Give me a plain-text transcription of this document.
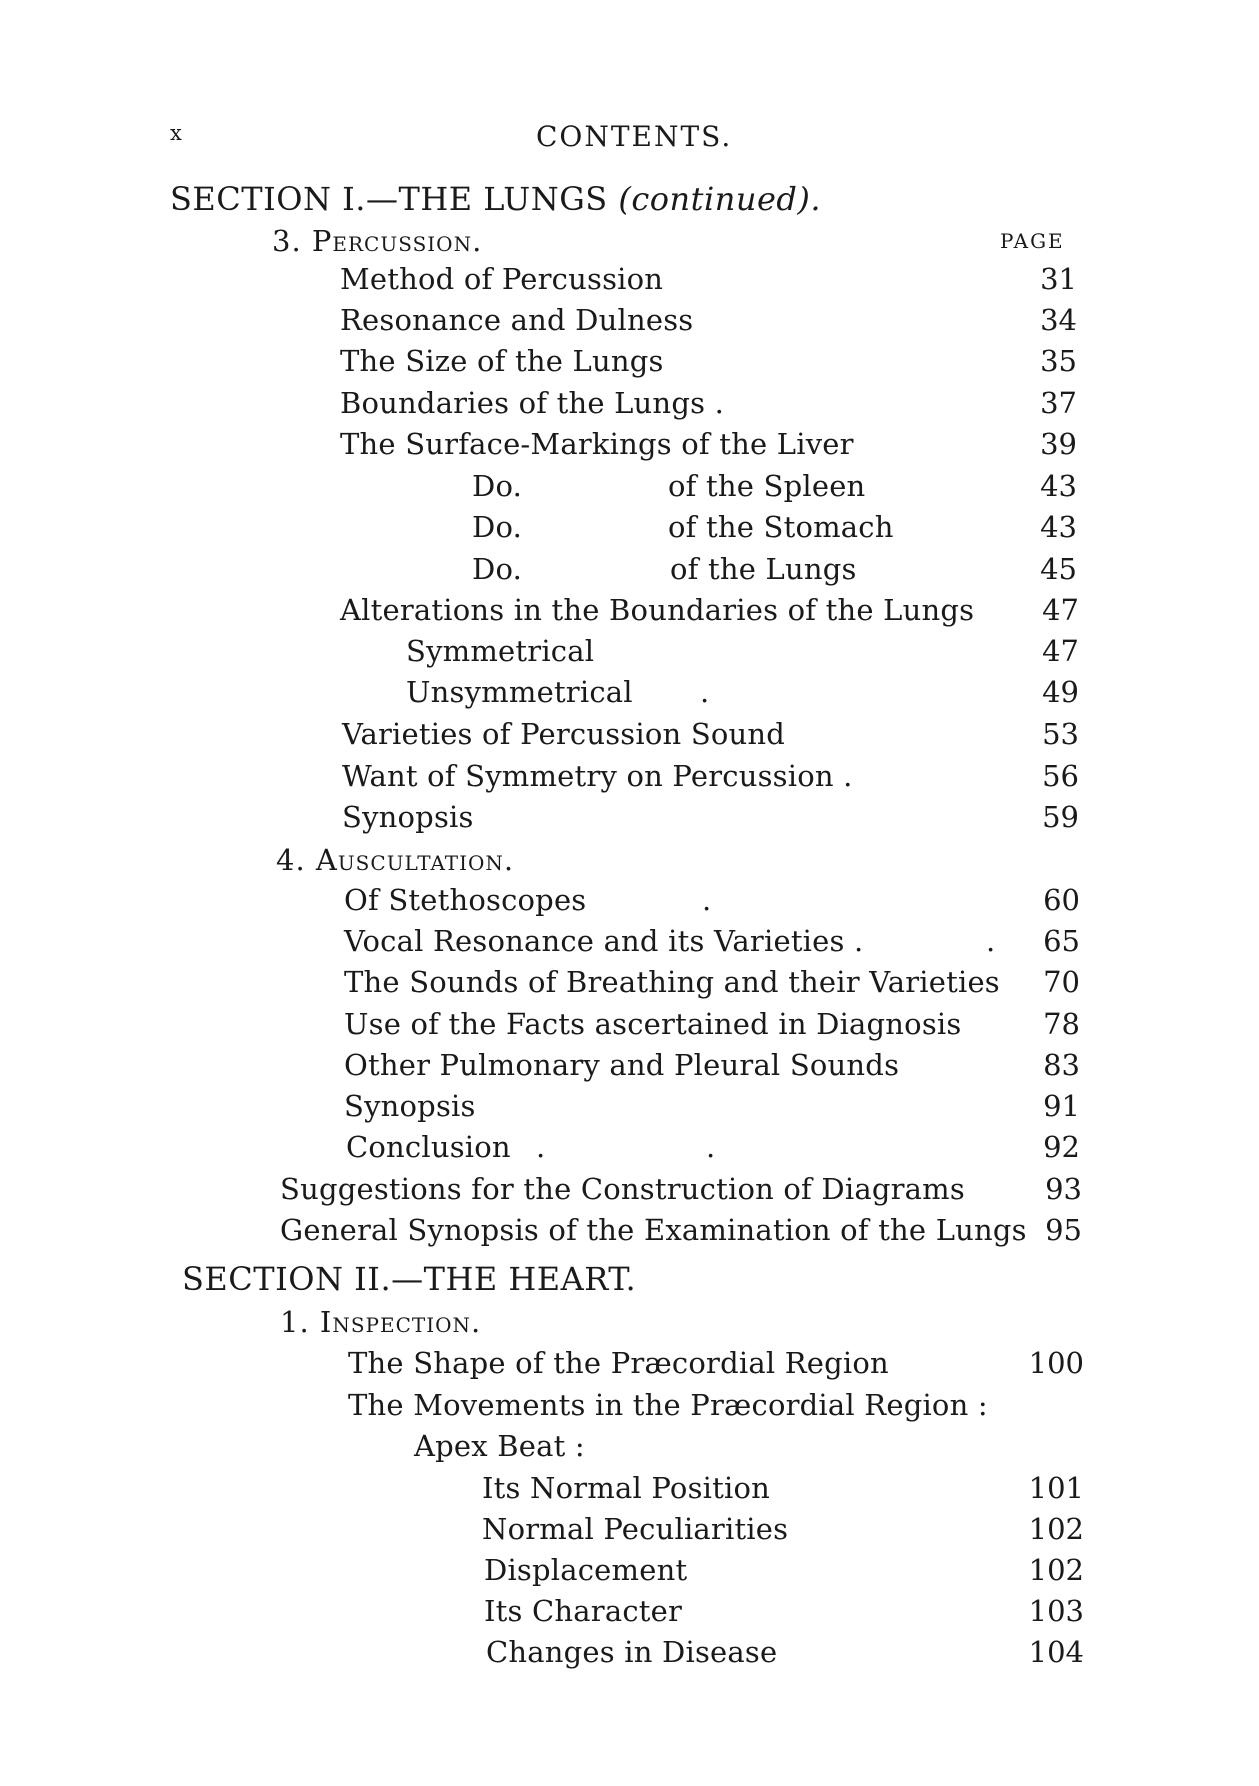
x	CONTENTS.
SECTION I.—THE LUNGS (continued).
3. Percussion.	PAGE
Method of Percussion	31
Resonance and Dulness	34
The Size of the Lungs	35
Boundaries of the Lungs .	37
The Surface-Markings of the Liver	39
Do.	of the Spleen	43
Do.	of the Stomach	43
Do.	of the Lungs	45
Alterations in the Boundaries of the Lungs	47
Symmetrical	47
Unsymmetrical .	49
Varieties of Percussion Sound	53
Want of Symmetry on Percussion .	56
Synopsis	59
4. Auscultation.
Of Stethoscopes	.	60
Vocal Resonance and its Varieties .	.	65
The Sounds of Breathing and their Varieties	70
Use of the Facts ascertained in Diagnosis	78
Other Pulmonary and Pleural Sounds	83
Synopsis	91
Conclusion .	.	92
Suggestions for the Construction of Diagrams	93
General Synopsis of the Examination of the Lungs 95
SECTION II.—THE HEART.
1. Inspection.
The Shape of the Præcordial Region	100
The Movements in the Præcordial Region :
Apex Beat :
Its Normal Position	101
Normal Peculiarities	102
Displacement	102
Its Character	103
Changes in Disease	104
